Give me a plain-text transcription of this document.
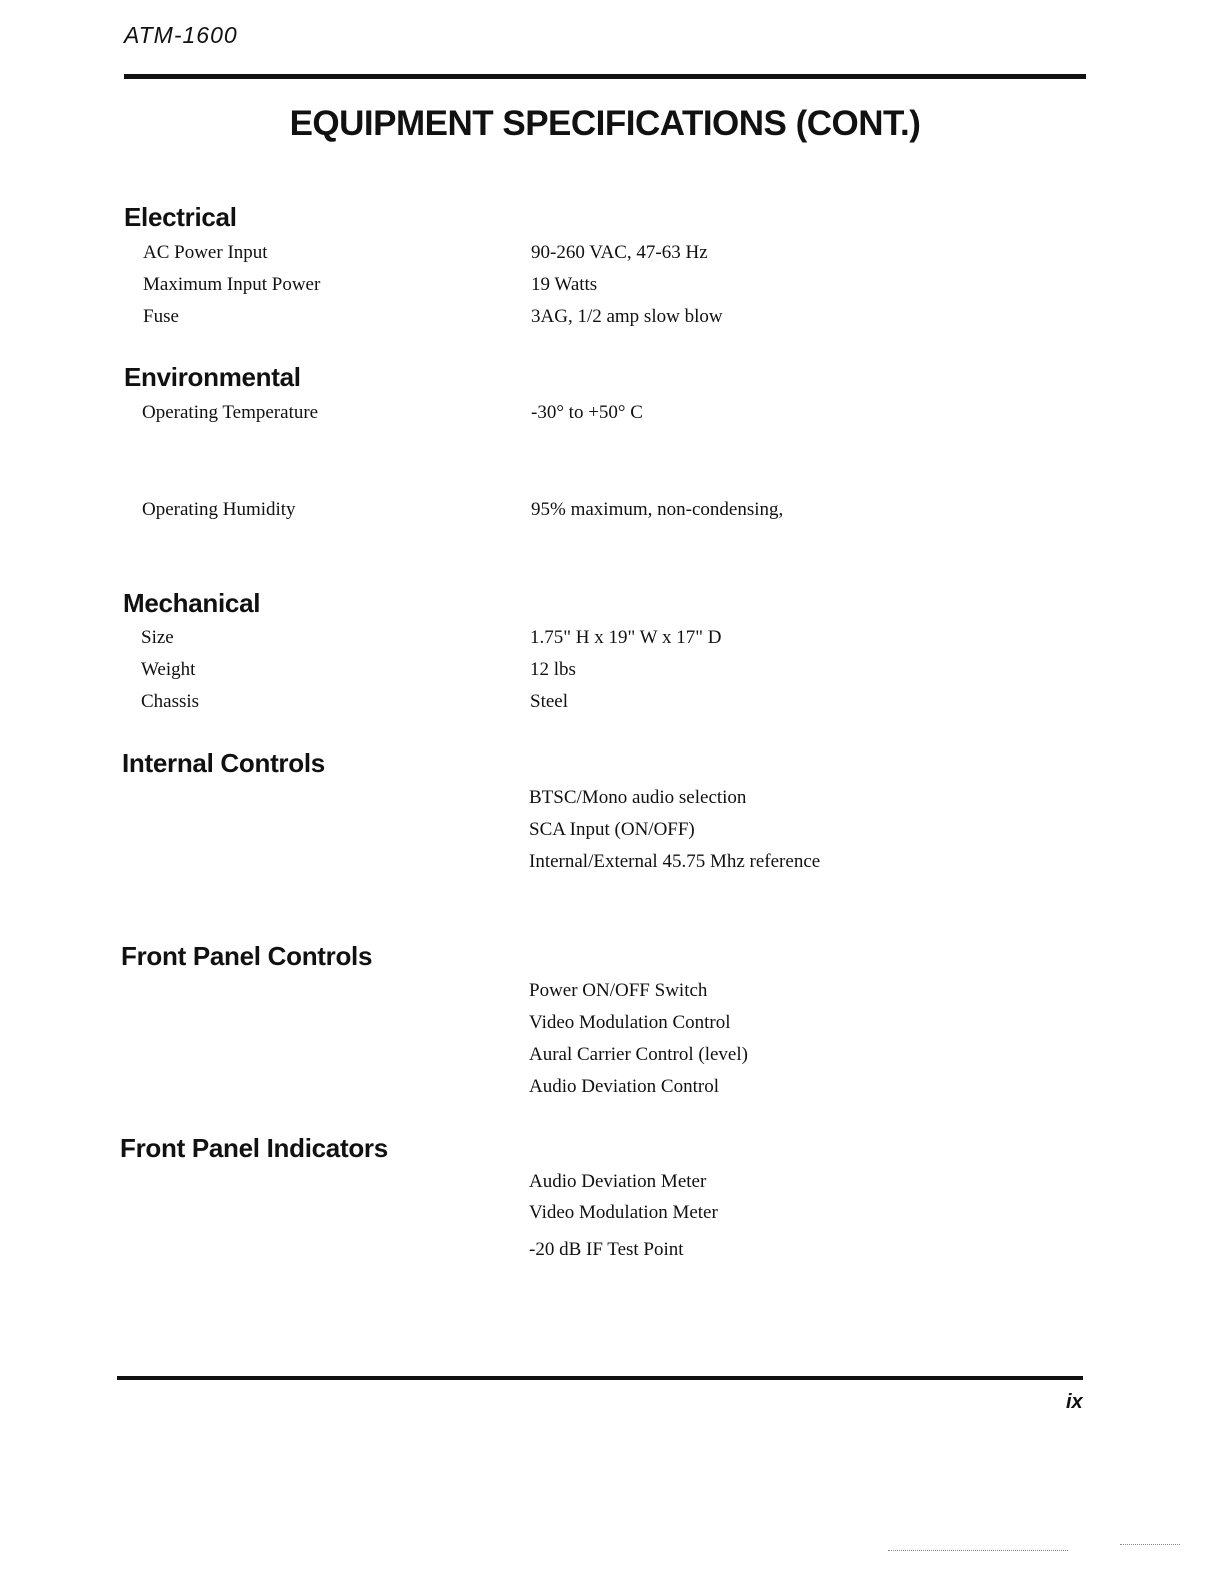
ATM-1600
EQUIPMENT SPECIFICATIONS (CONT.)
Electrical
AC Power Input	90-260 VAC, 47-63 Hz
Maximum Input Power	19 Watts
Fuse	3AG, 1/2 amp slow blow
Environmental
Operating Temperature	-30° to +50° C
Operating Humidity	95% maximum, non-condensing,
Mechanical
Size	1.75" H x 19" W x 17" D
Weight	12 lbs
Chassis	Steel
Internal Controls
BTSC/Mono audio selection
SCA Input (ON/OFF)
Internal/External 45.75 Mhz reference
Front Panel Controls
Power ON/OFF Switch
Video Modulation Control
Aural Carrier Control (level)
Audio Deviation Control
Front Panel Indicators
Audio Deviation Meter
Video Modulation Meter
-20 dB IF Test Point
ix
